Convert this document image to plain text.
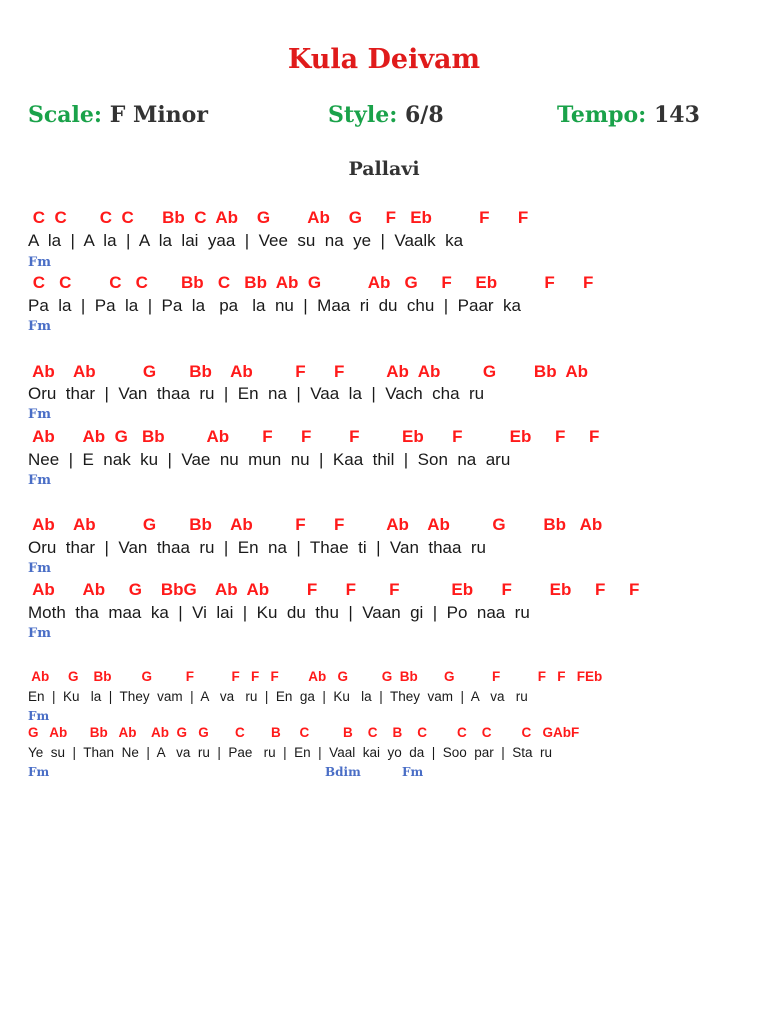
Kula Deivam
Scale: F Minor	Style: 6/8	Tempo: 143
Pallavi
C  C       C  C      Bb  C  Ab    G        Ab    G     F   Eb          F      F
A  la  |  A  la  |  A  la  lai  yaa  |  Vee  su  na  ye  |  Vaalk  ka
Fm
C   C        C   C       Bb   C   Bb  Ab  G          Ab   G     F     Eb          F      F
Pa  la  |  Pa  la  |  Pa  la   pa   la  nu  |  Maa  ri  du  chu  |  Paar  ka
Fm
Ab    Ab          G       Bb    Ab         F      F         Ab  Ab         G        Bb  Ab
Oru  thar  |  Van  thaa  ru  |  En  na  |  Vaa  la  |  Vach  cha  ru
Fm
Ab      Ab  G   Bb         Ab       F      F        F         Eb      F          Eb     F     F
Nee  |  E  nak  ku  |  Vae  nu  mun  nu  |  Kaa  thil  |  Son  na  aru
Fm
Ab    Ab          G       Bb    Ab         F      F         Ab    Ab         G        Bb   Ab
Oru  thar  |  Van  thaa  ru  |  En  na  |  Thae  ti  |  Van  thaa  ru
Fm
Ab      Ab     G    BbG    Ab  Ab        F      F       F           Eb      F        Eb     F     F
Moth  tha  maa  ka  |  Vi  lai  |  Ku  du  thu  |  Vaan  gi  |  Po  naa  ru
Fm
Ab     G    Bb        G         F          F   F   F        Ab   G         G  Bb       G          F          F   F   FEb
En  |  Ku   la  |  They  vam  |  A   va   ru  |  En  ga  |  Ku   la  |  They  vam  |  A   va   ru
Fm
G   Ab      Bb   Ab    Ab  G   G       C       B     C         B    C    B    C        C    C        C   GAbF
Ye  su  |  Than  Ne  |  A   va  ru  |  Pae   ru  |  En  |  Vaal  kai  yo  da  |  Soo  par  |  Sta  ru
Fm	Bdim	Fm
